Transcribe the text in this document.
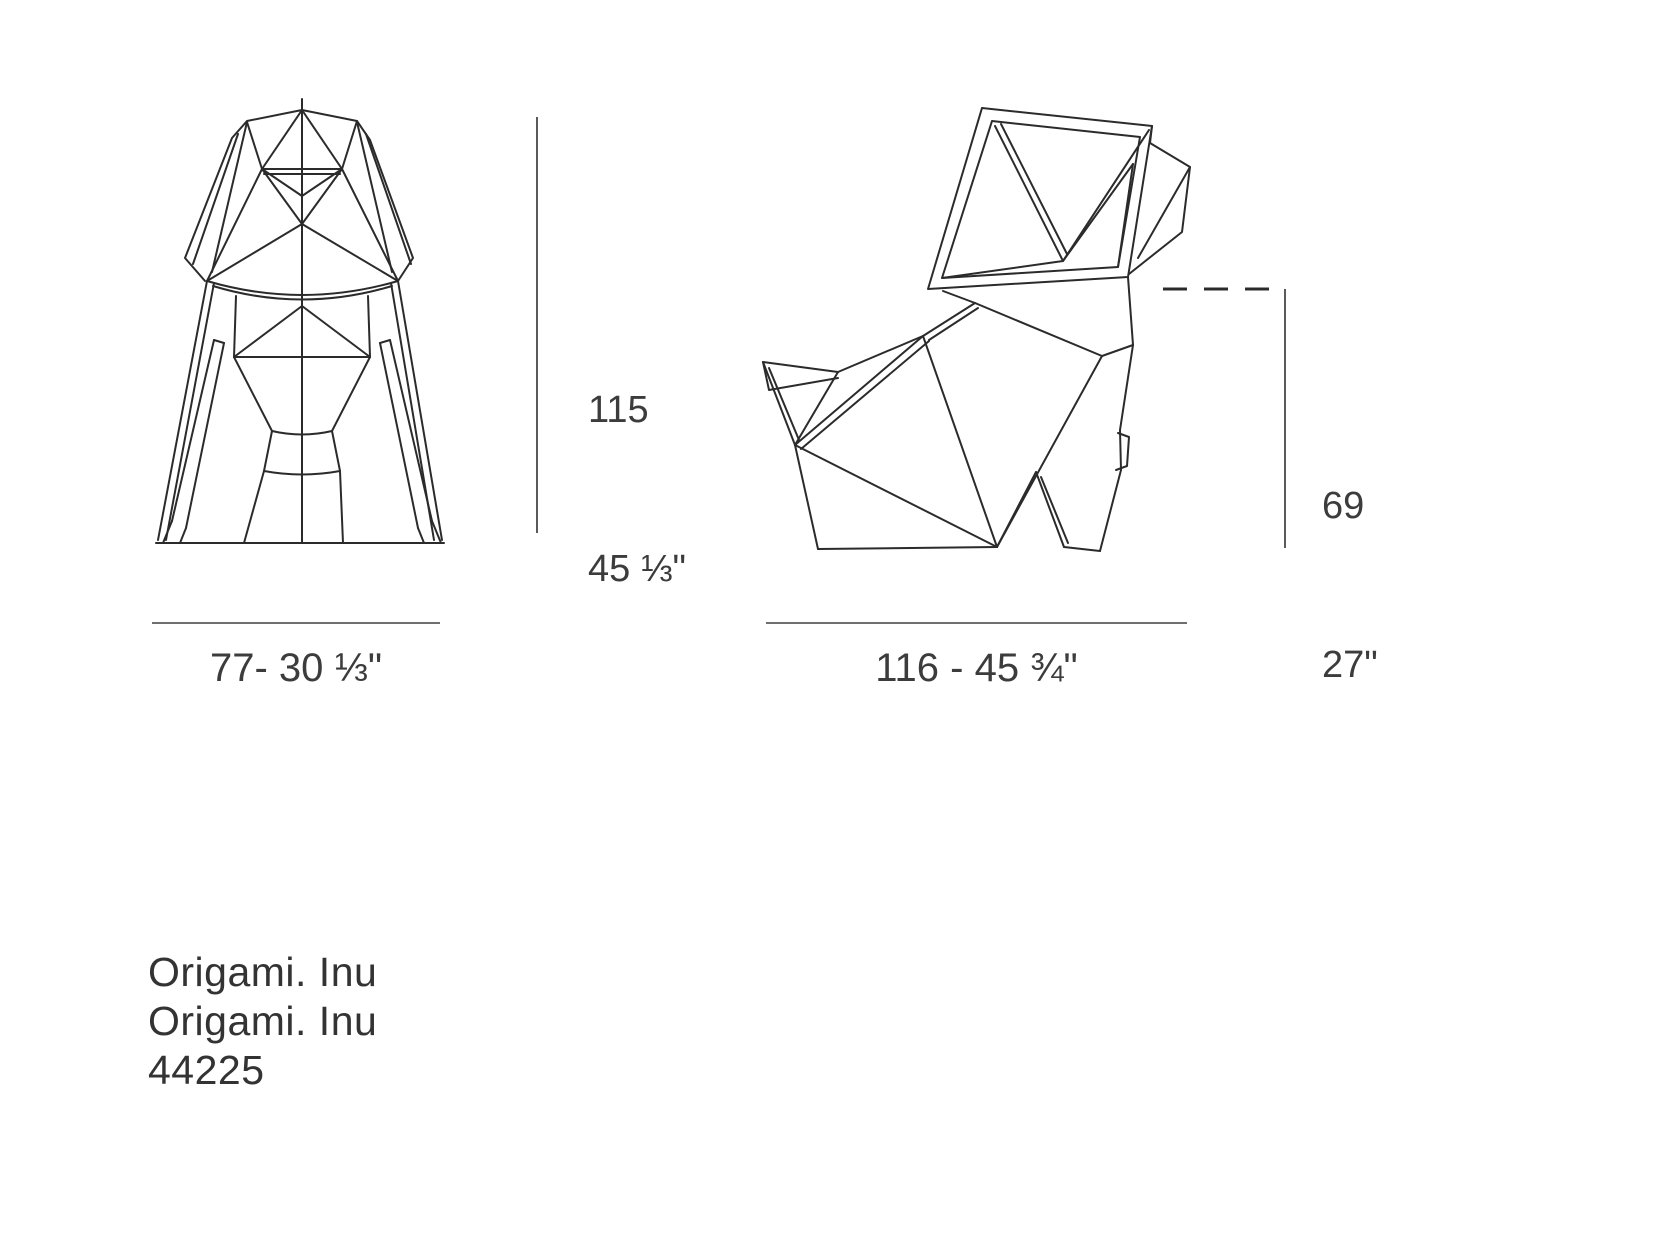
115

45 ⅓"

69

27"

77- 30 ⅓"	116 - 45 ¾"
Origami. Inu
Origami. Inu
44225
